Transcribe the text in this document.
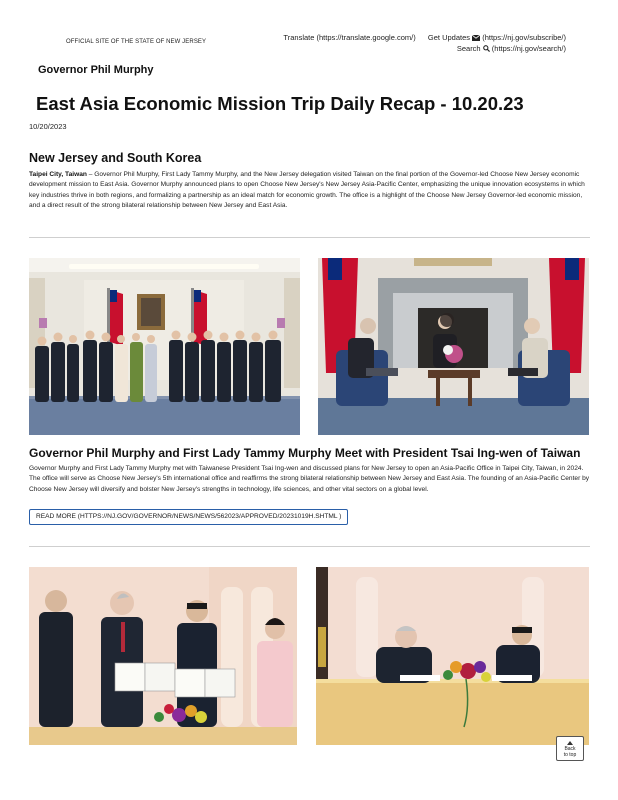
OFFICIAL SITE OF THE STATE OF NEW JERSEY	Translate (https://translate.google.com/) Get Updates (https://nj.gov/subscribe/)
Search (https://nj.gov/search/)
Governor Phil Murphy
East Asia Economic Mission Trip Daily Recap - 10.20.23
10/20/2023
New Jersey and South Korea

Taipei City, Taiwan – Governor Phil Murphy, First Lady Tammy Murphy, and the New Jersey delegation visited Taiwan on the final portion of the Governor-led Choose New Jersey economic development mission to East Asia. Governor Murphy announced plans to open Choose New Jersey's New Jersey Asia-Pacific Center, emphasizing the unique innovation ecosystems in which key industries thrive in both regions, and formalizing a partnership as an ideal match for economic growth. The office is a highlight of the Choose New Jersey Governor-led economic mission, and a direct result of the strong bilateral relationship between New Jersey and East Asia.

Governor Phil Murphy and First Lady Tammy Murphy Meet with President Tsai Ing-wen of Taiwan

Governor Murphy and First Lady Tammy Murphy met with Taiwanese President Tsai Ing-wen and discussed plans for New Jersey to open an Asia-Pacific Office in Taipei City, Taiwan, in 2024. The office will serve as Choose New Jersey's 5th international office and reaffirms the strong bilateral relationship between New Jersey and East Asia. The founding of an Asia-Pacific Center by Choose New Jersey will diversify and bolster New Jersey's strengths in technology, life sciences, and other vital sectors on a global level.

READ MORE (HTTPS://NJ.GOV/GOVERNOR/NEWS/NEWS/562023/APPROVED/20231019H.SHTML )
Back
to top
